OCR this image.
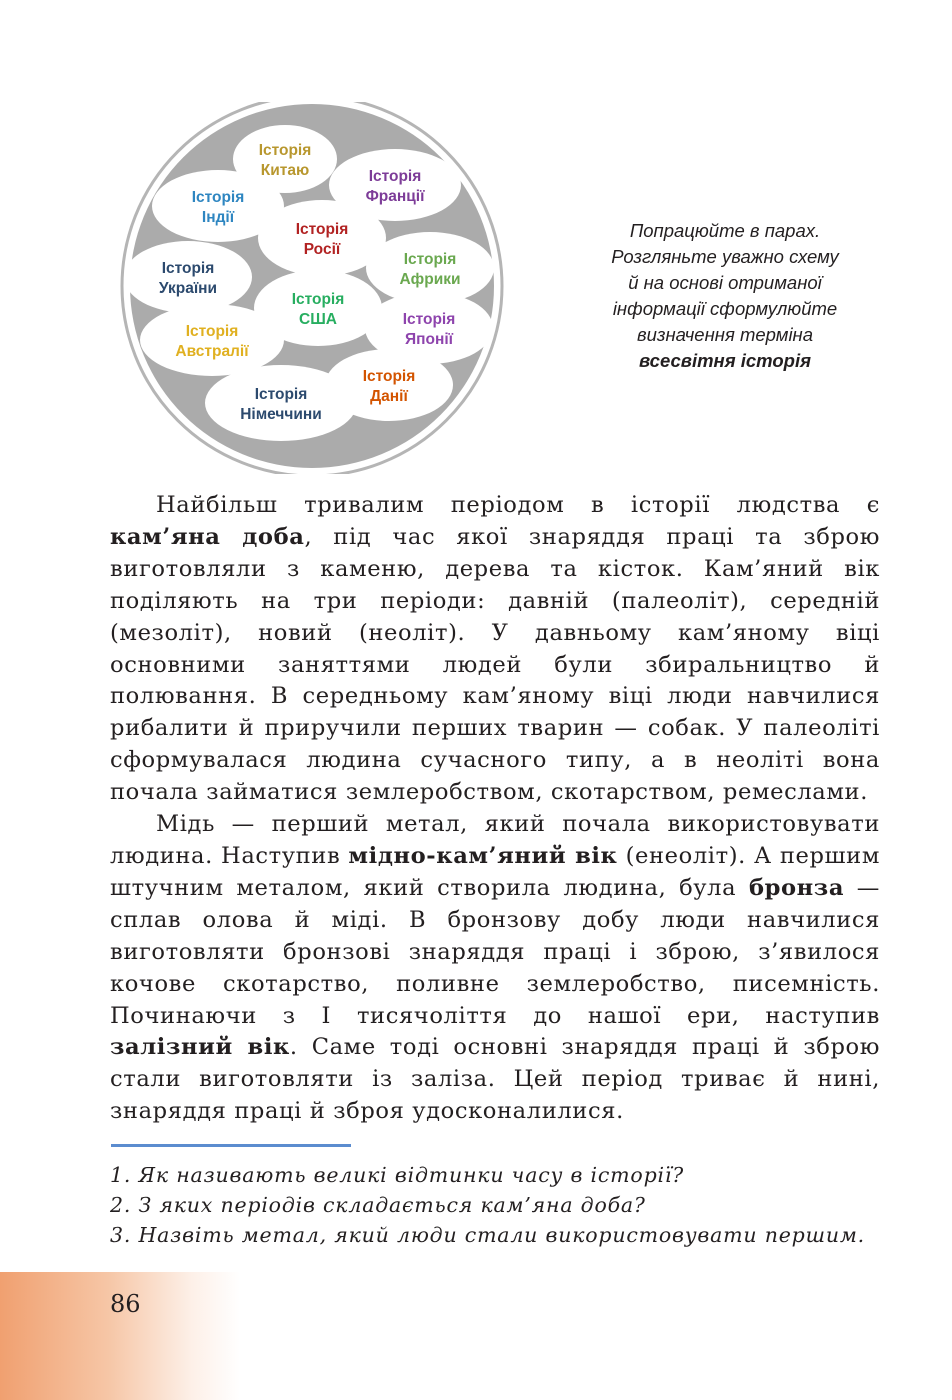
Історія
Китаю	Історія
Франції
Історія
Індії
Історія
Росії
Історія
України
Історія
Африки
Історія
США
Історія
Австралії
Історія
Японії
Історія
Данії
Історія
Німеччини
Попрацюйте в парах.
Розгляньте уважно схему
й на основі отриманої
інформації сформулюйте
визначення терміна
всесвітня історія

Найбільш тривалим періодом в історії людства є кам’яна доба, під час якої знаряддя праці та зброю виготовляли з каменю, дерева та кісток. Кам’яний вік поділяють на три періоди: давній (палеоліт), середній (мезоліт), новий (неоліт). У давньому кам’яному віці основними заняттями людей були збиральництво й полювання. В середньому кам’яному віці люди навчилися рибалити й приручили перших тварин — собак. У палеоліті сформувалася людина сучасного типу, а в неоліті вона почала займатися землеробством, скотарством, ремеслами.

Мідь — перший метал, який почала використовувати людина. Наступив мідно-кам’яний вік (енеоліт). А першим штучним металом, який створила людина, була бронза — сплав олова й міді. В бронзову добу люди навчилися виготовляти бронзові знаряддя праці і зброю, з’явилося кочове скотарство, поливне землеробство, писемність. Починаючи з І тисячоліття до нашої ери, наступив залізний вік. Саме тоді основні знаряддя праці й зброю стали виготовляти із заліза. Цей період триває й нині, знаряддя праці й зброя удосконалилися.

1. Як називають великі відтинки часу в історії?
2. З яких періодів складається кам’яна доба?
3. Назвіть метал, який люди стали використовувати першим.
86
